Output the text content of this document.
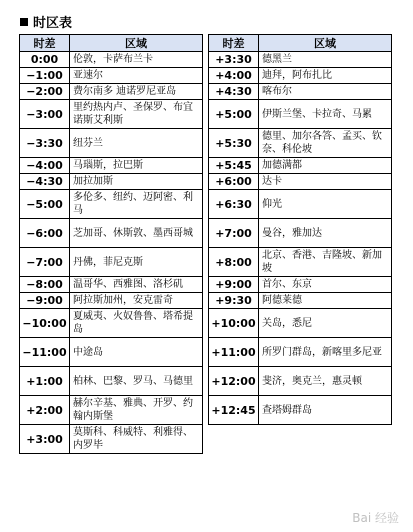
时区表
时差	区域
0:00	伦敦，卡萨布兰卡
−1:00	亚速尔
−2:00	费尔南多 迪诺罗尼亚岛
−3:00	里约热内卢、圣保罗、布宜诺斯艾利斯
−3:30	纽芬兰
−4:00	马瑙斯，拉巴斯
−4:30	加拉加斯
−5:00	多伦多、纽约、迈阿密、利马
−6:00	芝加哥、休斯敦、墨西哥城
−7:00	丹佛，菲尼克斯
−8:00	温哥华、西雅图、洛杉矶
−9:00	阿拉斯加州，安克雷奇
−10:00	夏威夷、火奴鲁鲁、塔希提岛
−11:00	中途岛
+1:00	柏林、巴黎、罗马、马德里
+2:00	赫尔辛基、雅典、开罗、约翰内斯堡
+3:00	莫斯科、科威特、利雅得、内罗毕
时差	区域
+3:30	德黑兰
+4:00	迪拜，阿布扎比
+4:30	喀布尔
+5:00	伊斯兰堡、卡拉奇、马累
+5:30	德里、加尔各答、孟买、钦奈、科伦坡
+5:45	加德满都
+6:00	达卡
+6:30	仰光
+7:00	曼谷，雅加达
+8:00	北京、香港、吉隆坡、新加坡
+9:00	首尔、东京
+9:30	阿德莱德
+10:00	关岛，悉尼
+11:00	所罗门群岛，新喀里多尼亚
+12:00	斐济，奥克兰，惠灵顿
+12:45	查塔姆群岛
Bai 经验
